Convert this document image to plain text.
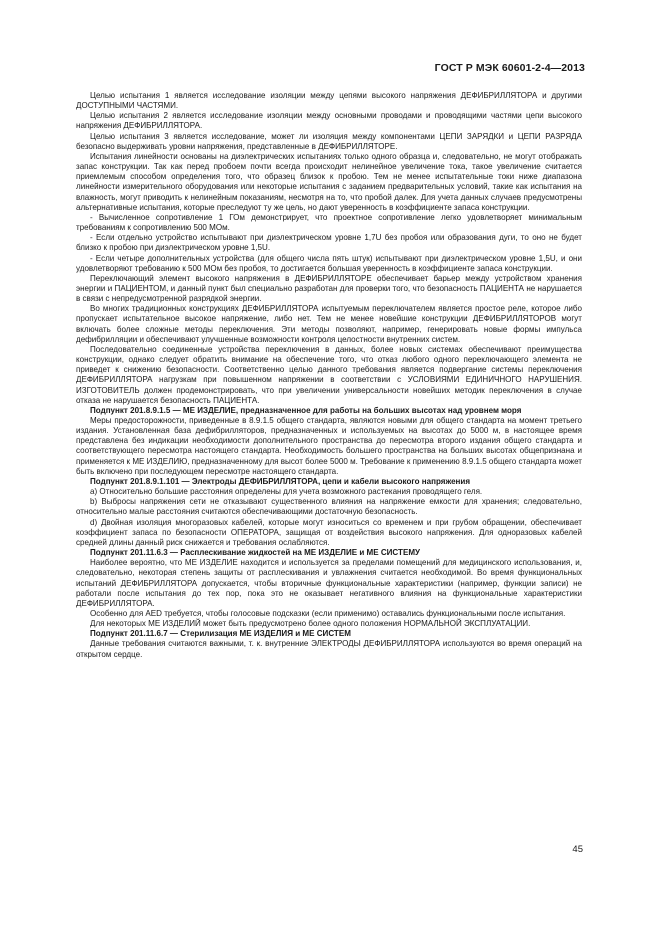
ГОСТ Р МЭК 60601-2-4—2013

Целью испытания 1 является исследование изоляции между цепями высокого напряжения ДЕФИБРИЛЛЯТОРА и другими ДОСТУПНЫМИ ЧАСТЯМИ.

Целью испытания 2 является исследование изоляции между основными проводами и проводящими частями цепи высокого напряжения ДЕФИБРИЛЛЯТОРА.

Целью испытания 3 является исследование, может ли изоляция между компонентами ЦЕПИ ЗАРЯДКИ и ЦЕПИ РАЗРЯДА безопасно выдерживать уровни напряжения, представленные в ДЕФИБРИЛЛЯТОРЕ.

Испытания линейности основаны на диэлектрических испытаниях только одного образца и, следовательно, не могут отображать запас конструкции. Так как перед пробоем почти всегда происходит нелинейное увеличение тока, такое увеличение считается приемлемым способом определения того, что образец близок к пробою. Тем не менее испытательные токи ниже диапазона линейности измерительного оборудования или некоторые испытания с заданием предварительных условий, такие как испытания на влажность, могут приводить к нелинейным показаниям, несмотря на то, что пробой далек. Для учета данных случаев предусмотрены альтернативные испытания, которые преследуют ту же цель, но дают уверенность в коэффициенте запаса конструкции.

- Вычисленное сопротивление 1 ГОм демонстрирует, что проектное сопротивление легко удовлетворяет минимальным требованиям к сопротивлению 500 МОм.

- Если отдельно устройство испытывают при диэлектрическом уровне 1,7U без пробоя или образования дуги, то оно не будет близко к пробою при диэлектрическом уровне 1,5U.

- Если четыре дополнительных устройства (для общего числа пять штук) испытывают при диэлектрическом уровне 1,5U, и они удовлетворяют требованию к 500 МОм без пробоя, то достигается большая уверенность в коэффициенте запаса конструкции.

Переключающий элемент высокого напряжения в ДЕФИБРИЛЛЯТОРЕ обеспечивает барьер между устройством хранения энергии и ПАЦИЕНТОМ, и данный пункт был специально разработан для проверки того, что безопасность ПАЦИЕНТА не нарушается в связи с непредусмотренной разрядкой энергии.

Во многих традиционных конструкциях ДЕФИБРИЛЛЯТОРА испытуемым переключателем является простое реле, которое либо пропускает испытательное высокое напряжение, либо нет. Тем не менее новейшие конструкции ДЕФИБРИЛЛЯТОРОВ могут включать более сложные методы переключения. Эти методы позволяют, например, генерировать новые формы импульса дефибрилляции и обеспечивают улучшенные возможности контроля целостности внутренних систем.

Последовательно соединенные устройства переключения в данных, более новых системах обеспечивают преимущества конструкции, однако следует обратить внимание на обеспечение того, что отказ любого одного переключающего элемента не приведет к снижению безопасности. Соответственно целью данного требования является подвергание системы переключения ДЕФИБРИЛЛЯТОРА нагрузкам при повышенном напряжении в соответствии с УСЛОВИЯМИ ЕДИНИЧНОГО НАРУШЕНИЯ. ИЗГОТОВИТЕЛЬ должен продемонстрировать, что при увеличении универсальности новейших методик переключения в случае отказа не нарушается безопасность ПАЦИЕНТА.

Подпункт 201.8.9.1.5 — МЕ ИЗДЕЛИЕ, предназначенное для работы на больших высотах над уровнем моря

Меры предосторожности, приведенные в 8.9.1.5 общего стандарта, являются новыми для общего стандарта на момент третьего издания. Установленная база дефибрилляторов, предназначенных и используемых на высотах до 5000 м, в настоящее время представлена без индикации необходимости дополнительного пространства до пересмотра второго издания общего стандарта и соответствующего пересмотра настоящего стандарта. Необходимость большего пространства на больших высотах общепризнана и применяется к МЕ ИЗДЕЛИЮ, предназначенному для высот более 5000 м. Требование к применению 8.9.1.5 общего стандарта может быть включено при последующем пересмотре настоящего стандарта.

Подпункт 201.8.9.1.101 — Электроды ДЕФИБРИЛЛЯТОРА, цепи и кабели высокого напряжения

a) Относительно большие расстояния определены для учета возможного растекания проводящего геля.

b) Выбросы напряжения сети не отказывают существенного влияния на напряжение емкости для хранения; следовательно, относительно малые расстояния считаются обеспечивающими достаточную безопасность.

d) Двойная изоляция многоразовых кабелей, которые могут износиться со временем и при грубом обращении, обеспечивает коэффициент запаса по безопасности ОПЕРАТОРА, защищая от воздействия высокого напряжения. Для одноразовых кабелей средней длины данный риск снижается и требования ослабляются.

Подпункт 201.11.6.3 — Расплескивание жидкостей на МЕ ИЗДЕЛИЕ и МЕ СИСТЕМУ

Наиболее вероятно, что МЕ ИЗДЕЛИЕ находится и используется за пределами помещений для медицинского использования, и, следовательно, некоторая степень защиты от расплескивания и увлажнения считается необходимой. Во время функциональных испытаний ДЕФИБРИЛЛЯТОРА допускается, чтобы вторичные функциональные характеристики (например, функции записи) не работали после испытания до тех пор, пока это не оказывает негативного влияния на функциональные характеристики ДЕФИБРИЛЛЯТОРА.

Особенно для AED требуется, чтобы голосовые подсказки (если применимо) оставались функциональными после испытания.

Для некоторых МЕ ИЗДЕЛИЙ может быть предусмотрено более одного положения НОРМАЛЬНОЙ ЭКСПЛУАТАЦИИ.

Подпункт 201.11.6.7 — Стерилизация МЕ ИЗДЕЛИЯ и МЕ СИСТЕМ

Данные требования считаются важными, т. к. внутренние ЭЛЕКТРОДЫ ДЕФИБРИЛЛЯТОРА используются во время операций на открытом сердце.

45
